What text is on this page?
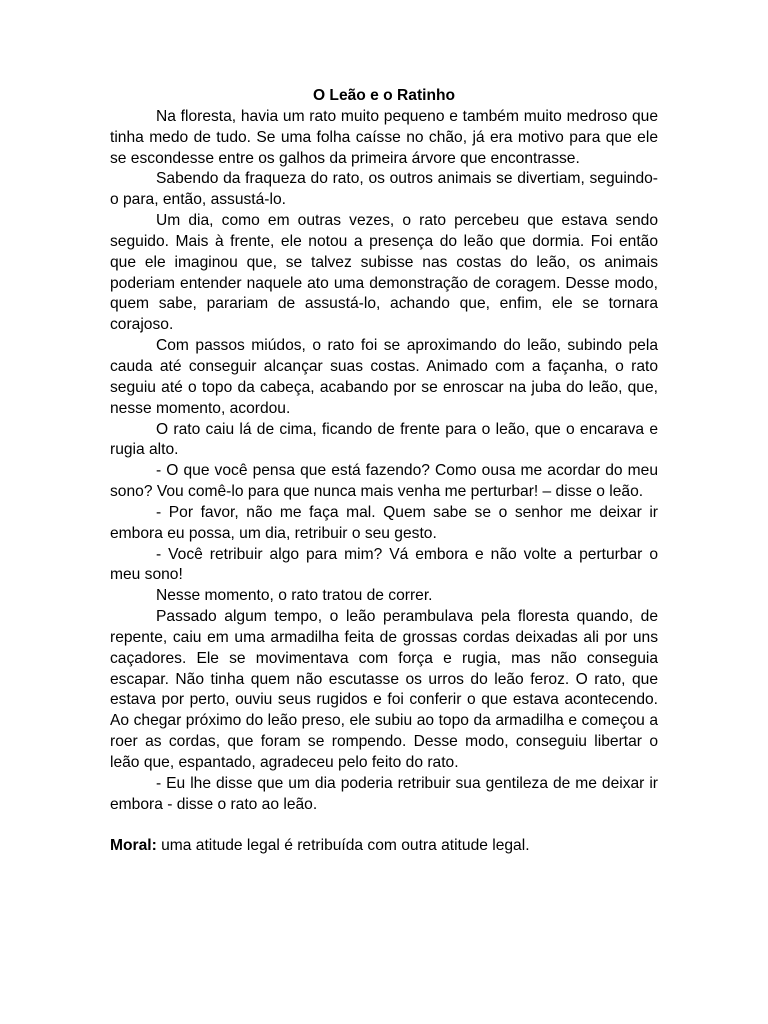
O Leão e o Ratinho

Na floresta, havia um rato muito pequeno e também muito medroso que tinha medo de tudo. Se uma folha caísse no chão, já era motivo para que ele se escondesse entre os galhos da primeira árvore que encontrasse.

Sabendo da fraqueza do rato, os outros animais se divertiam, seguindo-o para, então, assustá-lo.

Um dia, como em outras vezes, o rato percebeu que estava sendo seguido. Mais à frente, ele notou a presença do leão que dormia. Foi então que ele imaginou que, se talvez subisse nas costas do leão, os animais poderiam entender naquele ato uma demonstração de coragem. Desse modo, quem sabe, parariam de assustá-lo, achando que, enfim, ele se tornara corajoso.

Com passos miúdos, o rato foi se aproximando do leão, subindo pela cauda até conseguir alcançar suas costas. Animado com a façanha, o rato seguiu até o topo da cabeça, acabando por se enroscar na juba do leão, que, nesse momento, acordou.

O rato caiu lá de cima, ficando de frente para o leão, que o encarava e rugia alto.

- O que você pensa que está fazendo? Como ousa me acordar do meu sono? Vou comê-lo para que nunca mais venha me perturbar! – disse o leão.

- Por favor, não me faça mal. Quem sabe se o senhor me deixar ir embora eu possa, um dia, retribuir o seu gesto.

- Você retribuir algo para mim? Vá embora e não volte a perturbar o meu sono!

Nesse momento, o rato tratou de correr.

Passado algum tempo, o leão perambulava pela floresta quando, de repente, caiu em uma armadilha feita de grossas cordas deixadas ali por uns caçadores. Ele se movimentava com força e rugia, mas não conseguia escapar. Não tinha quem não escutasse os urros do leão feroz. O rato, que estava por perto, ouviu seus rugidos e foi conferir o que estava acontecendo. Ao chegar próximo do leão preso, ele subiu ao topo da armadilha e começou a roer as cordas, que foram se rompendo. Desse modo, conseguiu libertar o leão que, espantado, agradeceu pelo feito do rato.

- Eu lhe disse que um dia poderia retribuir sua gentileza de me deixar ir embora - disse o rato ao leão.

Moral: uma atitude legal é retribuída com outra atitude legal.
